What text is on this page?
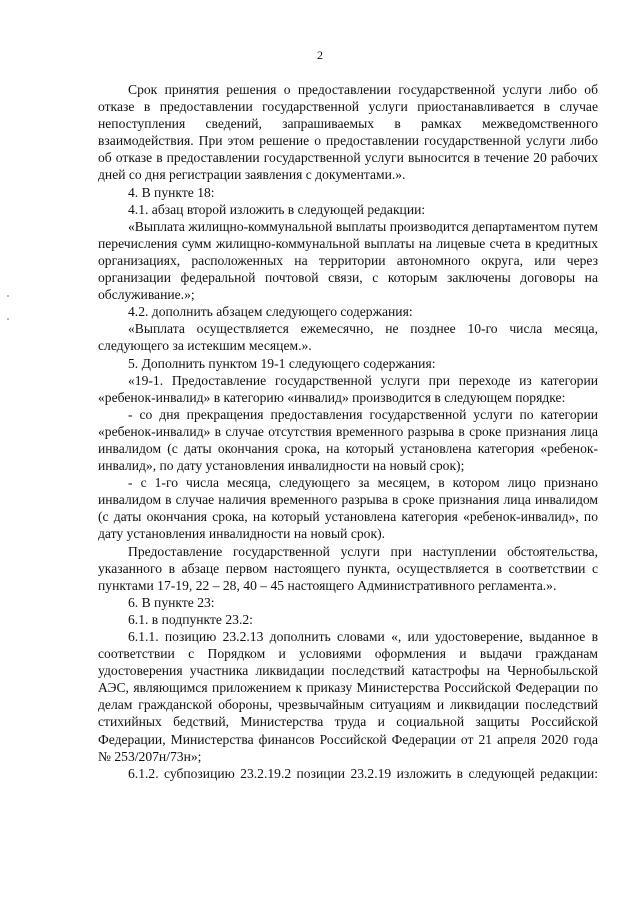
2

Срок принятия решения о предоставлении государственной услуги либо об отказе в предоставлении государственной услуги приостанавливается в случае непоступления сведений, запрашиваемых в рамках межведомственного взаимодействия. При этом решение о предоставлении государственной услуги либо об отказе в предоставлении государственной услуги выносится в течение 20 рабочих дней со дня регистрации заявления с документами.».

4. В пункте 18:

4.1. абзац второй изложить в следующей редакции:

«Выплата жилищно-коммунальной выплаты производится департаментом путем перечисления сумм жилищно-коммунальной выплаты на лицевые счета в кредитных организациях, расположенных на территории автономного округа, или через организации федеральной почтовой связи, с которым заключены договоры на обслуживание.»;

4.2. дополнить абзацем следующего содержания:

«Выплата осуществляется ежемесячно, не позднее 10-го числа месяца, следующего за истекшим месяцем.».

5. Дополнить пунктом 19-1 следующего содержания:

«19-1. Предоставление государственной услуги при переходе из категории «ребенок-инвалид» в категорию «инвалид» производится в следующем порядке:

- со дня прекращения предоставления государственной услуги по категории «ребенок-инвалид» в случае отсутствия временного разрыва в сроке признания лица инвалидом (с даты окончания срока, на который установлена категория «ребенок-инвалид», по дату установления инвалидности на новый срок);

- с 1-го числа месяца, следующего за месяцем, в котором лицо признано инвалидом в случае наличия временного разрыва в сроке признания лица инвалидом (с даты окончания срока, на который установлена категория «ребенок-инвалид», по дату установления инвалидности на новый срок).

Предоставление государственной услуги при наступлении обстоятельства, указанного в абзаце первом настоящего пункта, осуществляется в соответствии с пунктами 17-19, 22 – 28, 40 – 45 настоящего Административного регламента.».

6. В пункте 23:

6.1. в подпункте 23.2:

6.1.1. позицию 23.2.13 дополнить словами «, или удостоверение, выданное в соответствии с Порядком и условиями оформления и выдачи гражданам удостоверения участника ликвидации последствий катастрофы на Чернобыльской АЭС, являющимся приложением к приказу Министерства Российской Федерации по делам гражданской обороны, чрезвычайным ситуациям и ликвидации последствий стихийных бедствий, Министерства труда и социальной защиты Российской Федерации, Министерства финансов Российской Федерации от 21 апреля 2020 года № 253/207н/73н»;

6.1.2. субпозицию 23.2.19.2 позиции 23.2.19 изложить в следующей редакции:
